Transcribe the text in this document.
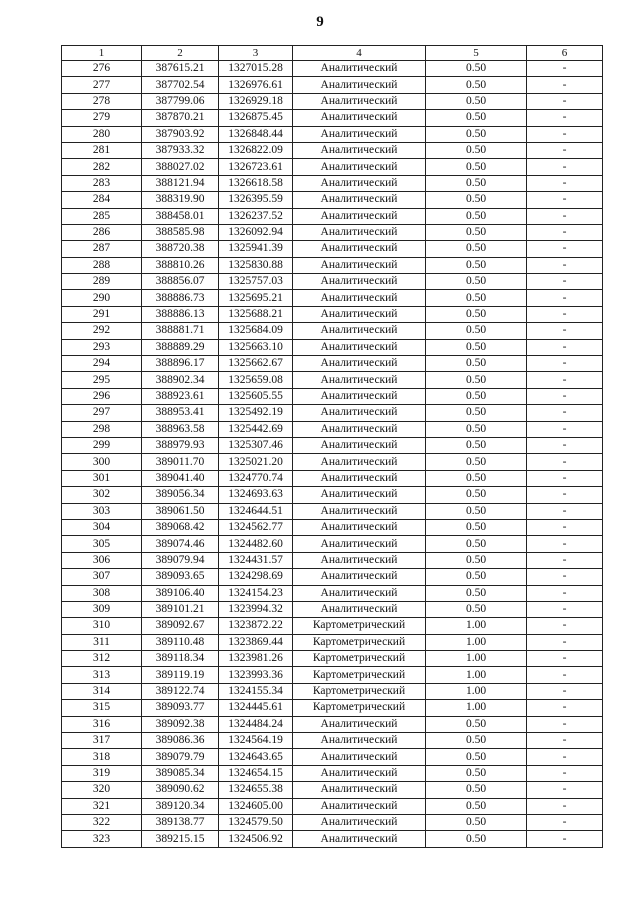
9
1	2	3	4	5	6
276	387615.21	1327015.28	Аналитический	0.50	-
277	387702.54	1326976.61	Аналитический	0.50	-
278	387799.06	1326929.18	Аналитический	0.50	-
279	387870.21	1326875.45	Аналитический	0.50	-
280	387903.92	1326848.44	Аналитический	0.50	-
281	387933.32	1326822.09	Аналитический	0.50	-
282	388027.02	1326723.61	Аналитический	0.50	-
283	388121.94	1326618.58	Аналитический	0.50	-
284	388319.90	1326395.59	Аналитический	0.50	-
285	388458.01	1326237.52	Аналитический	0.50	-
286	388585.98	1326092.94	Аналитический	0.50	-
287	388720.38	1325941.39	Аналитический	0.50	-
288	388810.26	1325830.88	Аналитический	0.50	-
289	388856.07	1325757.03	Аналитический	0.50	-
290	388886.73	1325695.21	Аналитический	0.50	-
291	388886.13	1325688.21	Аналитический	0.50	-
292	388881.71	1325684.09	Аналитический	0.50	-
293	388889.29	1325663.10	Аналитический	0.50	-
294	388896.17	1325662.67	Аналитический	0.50	-
295	388902.34	1325659.08	Аналитический	0.50	-
296	388923.61	1325605.55	Аналитический	0.50	-
297	388953.41	1325492.19	Аналитический	0.50	-
298	388963.58	1325442.69	Аналитический	0.50	-
299	388979.93	1325307.46	Аналитический	0.50	-
300	389011.70	1325021.20	Аналитический	0.50	-
301	389041.40	1324770.74	Аналитический	0.50	-
302	389056.34	1324693.63	Аналитический	0.50	-
303	389061.50	1324644.51	Аналитический	0.50	-
304	389068.42	1324562.77	Аналитический	0.50	-
305	389074.46	1324482.60	Аналитический	0.50	-
306	389079.94	1324431.57	Аналитический	0.50	-
307	389093.65	1324298.69	Аналитический	0.50	-
308	389106.40	1324154.23	Аналитический	0.50	-
309	389101.21	1323994.32	Аналитический	0.50	-
310	389092.67	1323872.22	Картометрический	1.00	-
311	389110.48	1323869.44	Картометрический	1.00	-
312	389118.34	1323981.26	Картометрический	1.00	-
313	389119.19	1323993.36	Картометрический	1.00	-
314	389122.74	1324155.34	Картометрический	1.00	-
315	389093.77	1324445.61	Картометрический	1.00	-
316	389092.38	1324484.24	Аналитический	0.50	-
317	389086.36	1324564.19	Аналитический	0.50	-
318	389079.79	1324643.65	Аналитический	0.50	-
319	389085.34	1324654.15	Аналитический	0.50	-
320	389090.62	1324655.38	Аналитический	0.50	-
321	389120.34	1324605.00	Аналитический	0.50	-
322	389138.77	1324579.50	Аналитический	0.50	-
323	389215.15	1324506.92	Аналитический	0.50	-
